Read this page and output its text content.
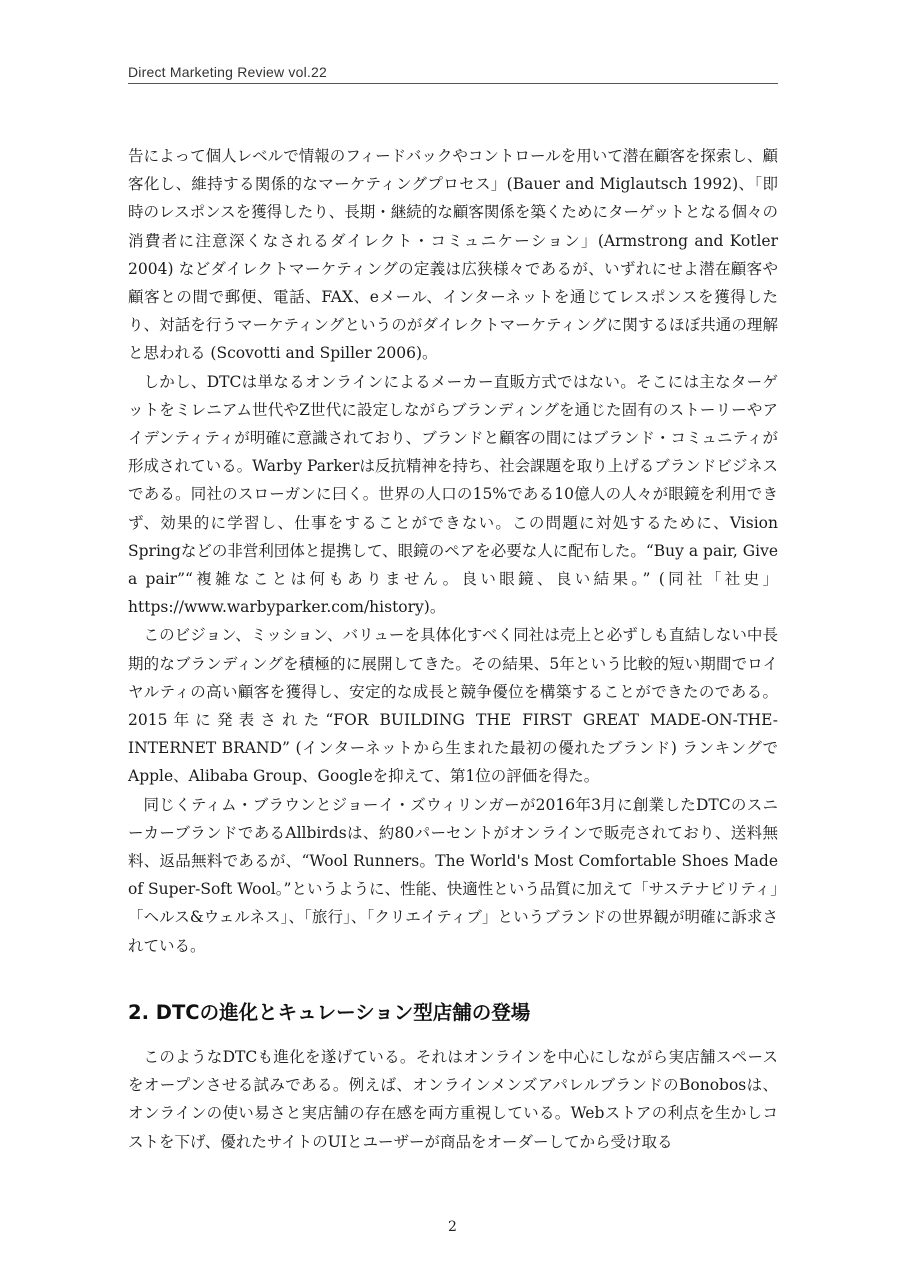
Direct Marketing Review vol.22

告によって個人レベルで情報のフィードバックやコントロールを用いて潜在顧客を探索し、顧客化し、維持する関係的なマーケティングプロセス」(Bauer and Miglautsch 1992)、「即時のレスポンスを獲得したり、長期・継続的な顧客関係を築くためにターゲットとなる個々の消費者に注意深くなされるダイレクト・コミュニケーション」(Armstrong and Kotler 2004) などダイレクトマーケティングの定義は広狭様々であるが、いずれにせよ潜在顧客や顧客との間で郵便、電話、FAX、eメール、インターネットを通じてレスポンスを獲得したり、対話を行うマーケティングというのがダイレクトマーケティングに関するほぼ共通の理解と思われる (Scovotti and Spiller 2006)。

しかし、DTCは単なるオンラインによるメーカー直販方式ではない。そこには主なターゲットをミレニアム世代やZ世代に設定しながらブランディングを通じた固有のストーリーやアイデンティティが明確に意識されており、ブランドと顧客の間にはブランド・コミュニティが形成されている。Warby Parkerは反抗精神を持ち、社会課題を取り上げるブランドビジネスである。同社のスローガンに曰く。世界の人口の15%である10億人の人々が眼鏡を利用できず、効果的に学習し、仕事をすることができない。この問題に対処するために、Vision Springなどの非営利団体と提携して、眼鏡のペアを必要な人に配布した。“Buy a pair, Give a pair”“複雑なことは何もありません。良い眼鏡、良い結果。” (同社「社史」https://www.warbyparker.com/history)。

このビジョン、ミッション、バリューを具体化すべく同社は売上と必ずしも直結しない中長期的なブランディングを積極的に展開してきた。その結果、5年という比較的短い期間でロイヤルティの高い顧客を獲得し、安定的な成長と競争優位を構築することができたのである。2015年に発表された“FOR BUILDING THE FIRST GREAT MADE-ON-THE-INTERNET BRAND” (インターネットから生まれた最初の優れたブランド) ランキングでApple、Alibaba Group、Googleを抑えて、第1位の評価を得た。

同じくティム・ブラウンとジョーイ・ズウィリンガーが2016年3月に創業したDTCのスニーカーブランドであるAllbirdsは、約80パーセントがオンラインで販売されており、送料無料、返品無料であるが、“Wool Runners。The World's Most Comfortable Shoes Made of Super-Soft Wool。”というように、性能、快適性という品質に加えて「サステナビリティ」「ヘルス&ウェルネス」、「旅行」、「クリエイティブ」というブランドの世界観が明確に訴求されている。

2. DTCの進化とキュレーション型店舗の登場

このようなDTCも進化を遂げている。それはオンラインを中心にしながら実店舗スペースをオープンさせる試みである。例えば、オンラインメンズアパレルブランドのBonobosは、オンラインの使い易さと実店舗の存在感を両方重視している。Webストアの利点を生かしコストを下げ、優れたサイトのUIとユーザーが商品をオーダーしてから受け取る

2
